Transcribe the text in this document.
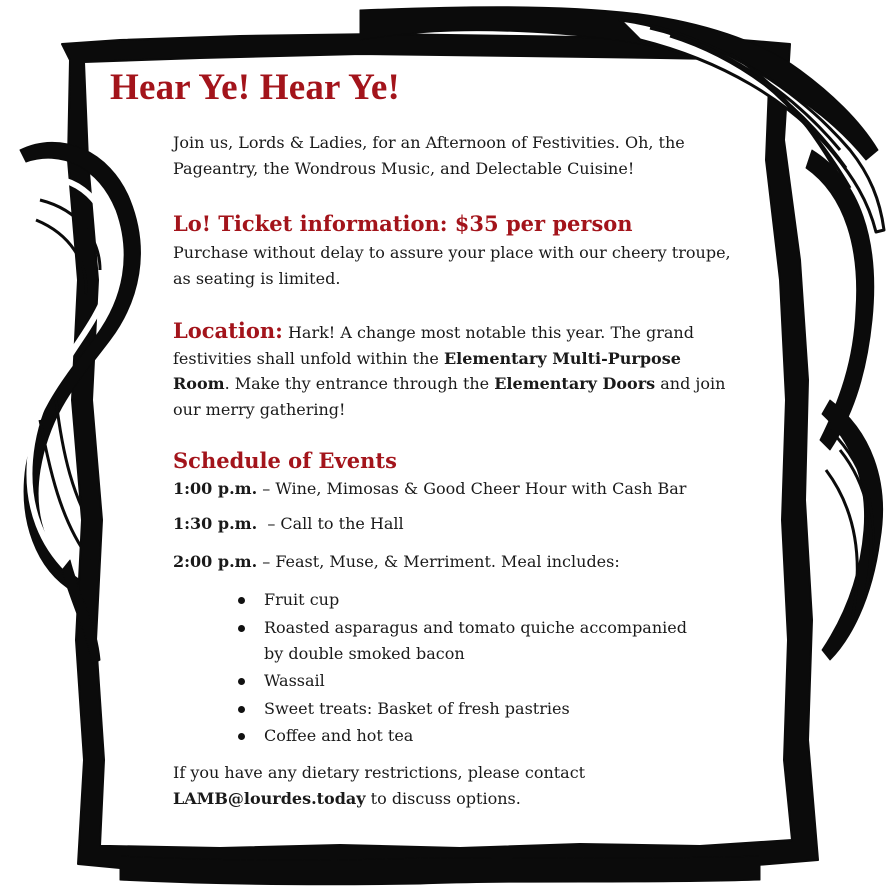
Hear Ye! Hear Ye!

Join us, Lords & Ladies, for an Afternoon of Festivities. Oh, the Pageantry, the Wondrous Music, and Delectable Cuisine!

Lo! Ticket information: $35 per person

Purchase without delay to assure your place with our cheery troupe, as seating is limited.

Location: Hark! A change most notable this year. The grand festivities shall unfold within the Elementary Multi-Purpose Room. Make thy entrance through the Elementary Doors and join our merry gathering!

Schedule of Events

1:00 p.m. – Wine, Mimosas & Good Cheer Hour with Cash Bar

1:30 p.m.  – Call to the Hall

2:00 p.m. – Feast, Muse, & Merriment. Meal includes:

Fruit cup
Roasted asparagus and tomato quiche accompanied by double smoked bacon
Wassail
Sweet treats: Basket of fresh pastries
Coffee and hot tea

If you have any dietary restrictions, please contact LAMB@lourdes.today to discuss options.
